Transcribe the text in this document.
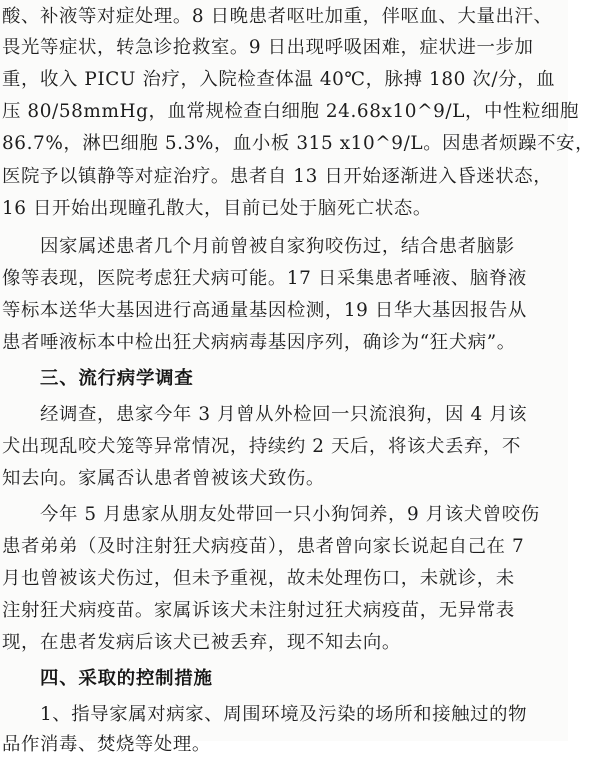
酸、补液等对症处理。8 日晚患者呕吐加重，伴呕血、大量出汗、
畏光等症状，转急诊抢救室。9 日出现呼吸困难，症状进一步加
重，收入 PICU 治疗，入院检查体温 40℃，脉搏 180 次/分，血
压 80/58mmHg，血常规检查白细胞 24.68x10^9/L，中性粒细胞
86.7%，淋巴细胞 5.3%，血小板 315 x10^9/L。因患者烦躁不安，
医院予以镇静等对症治疗。患者自 13 日开始逐渐进入昏迷状态，
16 日开始出现瞳孔散大，目前已处于脑死亡状态。
因家属述患者几个月前曾被自家狗咬伤过，结合患者脑影
像等表现，医院考虑狂犬病可能。17 日采集患者唾液、脑脊液
等标本送华大基因进行高通量基因检测，19 日华大基因报告从
患者唾液标本中检出狂犬病病毒基因序列，确诊为“狂犬病”。
三、流行病学调查
经调查，患家今年 3 月曾从外检回一只流浪狗，因 4 月该
犬出现乱咬犬笼等异常情况，持续约 2 天后，将该犬丢弃，不
知去向。家属否认患者曾被该犬致伤。
今年 5 月患家从朋友处带回一只小狗饲养，9 月该犬曾咬伤
患者弟弟（及时注射狂犬病疫苗），患者曾向家长说起自己在 7
月也曾被该犬伤过，但未予重视，故未处理伤口，未就诊，未
注射狂犬病疫苗。家属诉该犬未注射过狂犬病疫苗，无异常表
现，在患者发病后该犬已被丢弃，现不知去向。
四、采取的控制措施
1、指导家属对病家、周围环境及污染的场所和接触过的物
品作消毒、焚烧等处理。
